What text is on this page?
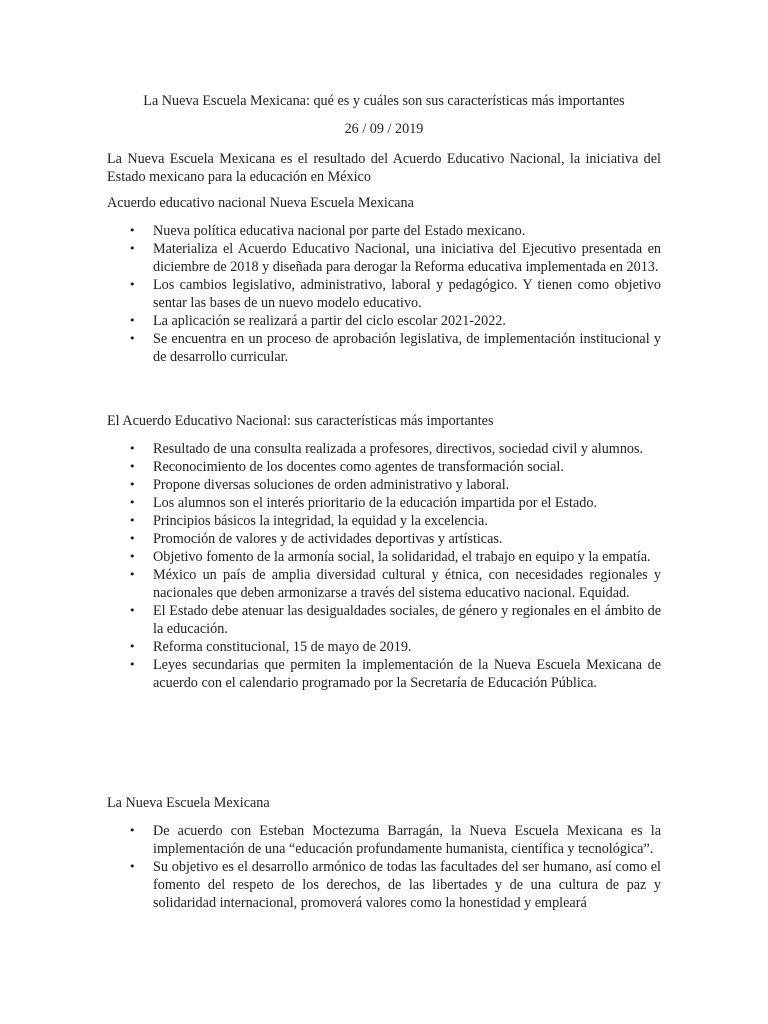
La Nueva Escuela Mexicana: qué es y cuáles son sus características más importantes
26 / 09 / 2019
La Nueva Escuela Mexicana es el resultado del Acuerdo Educativo Nacional, la iniciativa del Estado mexicano para la educación en México
Acuerdo educativo nacional Nueva Escuela Mexicana
• Nueva política educativa nacional por parte del Estado mexicano.
• Materializa el Acuerdo Educativo Nacional, una iniciativa del Ejecutivo presentada en diciembre de 2018 y diseñada para derogar la Reforma educativa implementada en 2013.
• Los cambios legislativo, administrativo, laboral y pedagógico. Y tienen como objetivo sentar las bases de un nuevo modelo educativo.
• La aplicación se realizará a partir del ciclo escolar 2021-2022.
• Se encuentra en un proceso de aprobación legislativa, de implementación institucional y de desarrollo curricular.
El Acuerdo Educativo Nacional: sus características más importantes
• Resultado de una consulta realizada a profesores, directivos, sociedad civil y alumnos.
• Reconocimiento de los docentes como agentes de transformación social.
• Propone diversas soluciones de orden administrativo y laboral.
• Los alumnos son el interés prioritario de la educación impartida por el Estado.
• Principios básicos la integridad, la equidad y la excelencia.
• Promoción de valores y de actividades deportivas y artísticas.
• Objetivo fomento de la armonía social, la solidaridad, el trabajo en equipo y la empatía.
• México un país de amplia diversidad cultural y étnica, con necesidades regionales y nacionales que deben armonizarse a través del sistema educativo nacional. Equidad.
• El Estado debe atenuar las desigualdades sociales, de género y regionales en el ámbito de la educación.
• Reforma constitucional, 15 de mayo de 2019.
• Leyes secundarias que permiten la implementación de la Nueva Escuela Mexicana de acuerdo con el calendario programado por la Secretaría de Educación Pública.
La Nueva Escuela Mexicana
• De acuerdo con Esteban Moctezuma Barragán, la Nueva Escuela Mexicana es la implementación de una “educación profundamente humanista, científica y tecnológica”.
• Su objetivo es el desarrollo armónico de todas las facultades del ser humano, así como el fomento del respeto de los derechos, de las libertades y de una cultura de paz y solidaridad internacional, promoverá valores como la honestidad y empleará
